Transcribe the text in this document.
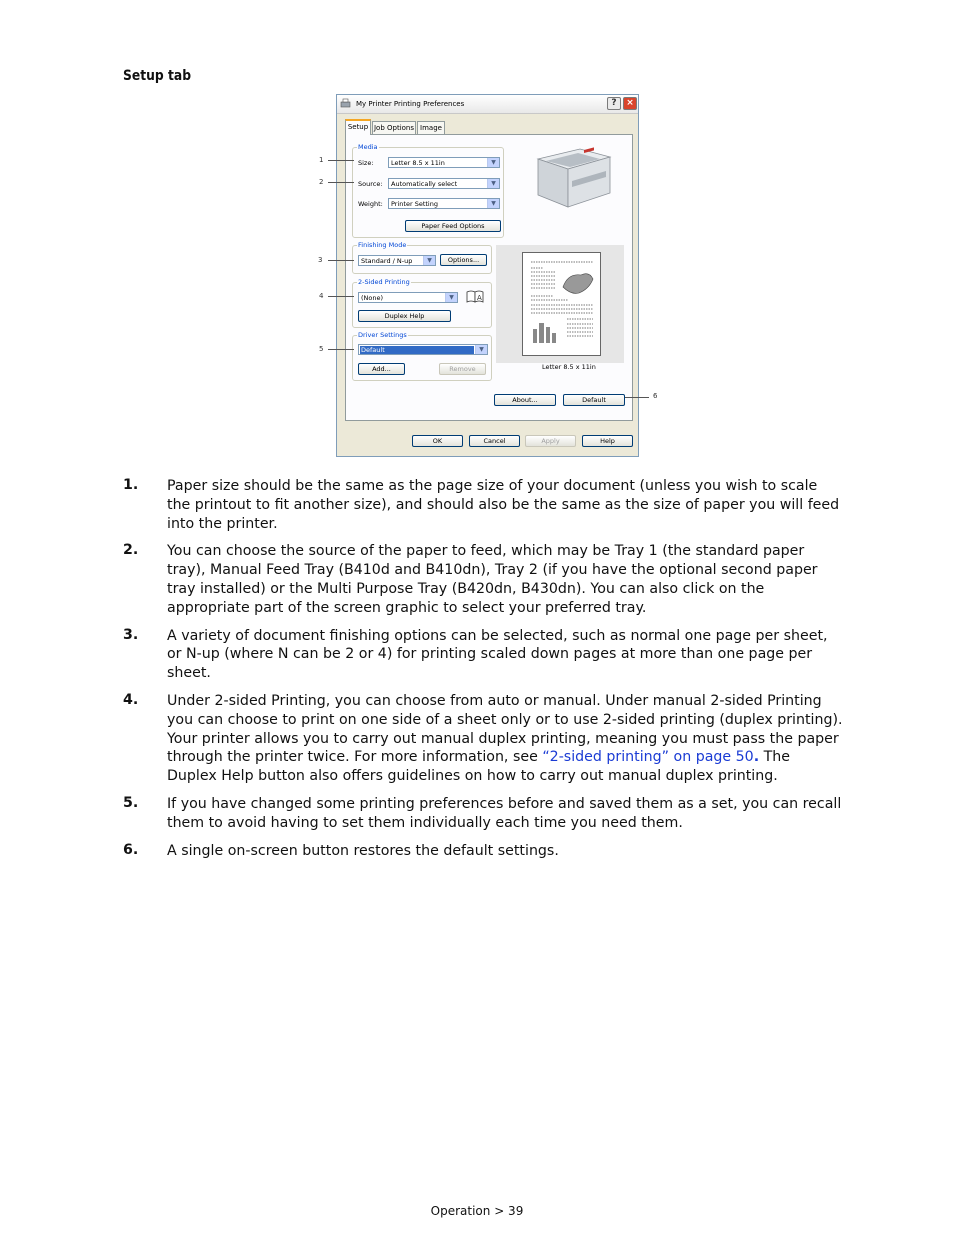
Setup tab
My Printer Printing Preferences	?	×
Setup Job Options Image
Media
Size:	Letter 8.5 x 11in	▼
Source: Automatically select	▼
Weight: Printer Setting	▼
Paper Feed Options
Finishing Mode
Standard / N-up	▼	Options...
2-Sided Printing
(None)	▼	A
Duplex Help
Driver Settings
Default	▼
Add...	Remove	Letter 8.5 x 11in
About...	Default
OK	Cancel	Apply	Help
1
2
3
4
5
6
1. Paper size should be the same as the page size of your document (unless you wish to scale the printout to fit another size), and should also be the same as the size of paper you will feed into the printer.
2. You can choose the source of the paper to feed, which may be Tray 1 (the standard paper tray), Manual Feed Tray (B410d and B410dn), Tray 2 (if you have the optional second paper tray installed) or the Multi Purpose Tray (B420dn, B430dn). You can also click on the appropriate part of the screen graphic to select your preferred tray.
3. A variety of document finishing options can be selected, such as normal one page per sheet, or N-up (where N can be 2 or 4) for printing scaled down pages at more than one page per sheet.
4. Under 2-sided Printing, you can choose from auto or manual. Under manual 2-sided Printing you can choose to print on one side of a sheet only or to use 2-sided printing (duplex printing). Your printer allows you to carry out manual duplex printing, meaning you must pass the paper through the printer twice. For more information, see “2-sided printing” on page 50. The Duplex Help button also offers guidelines on how to carry out manual duplex printing.
5. If you have changed some printing preferences before and saved them as a set, you can recall them to avoid having to set them individually each time you need them.
6. A single on-screen button restores the default settings.
Operation > 39
